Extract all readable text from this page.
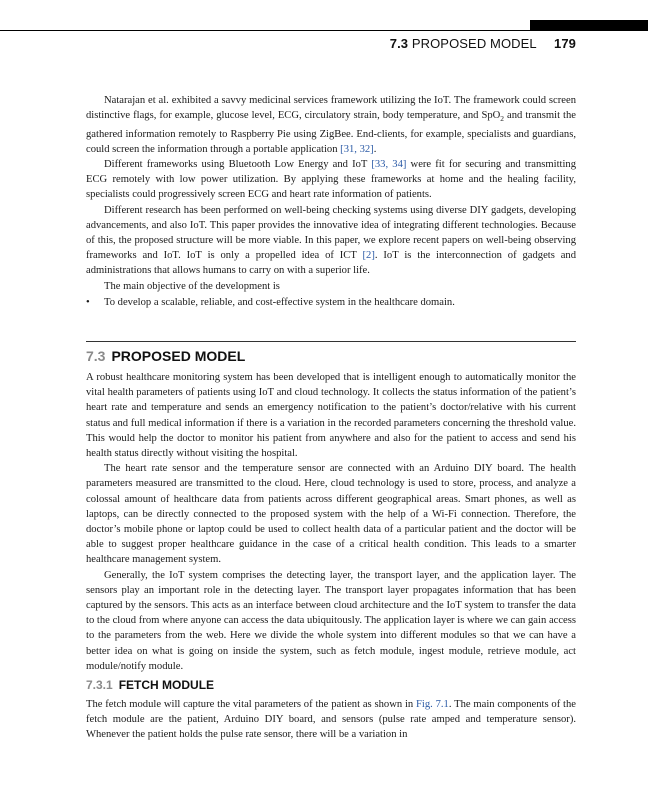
7.3 PROPOSED MODEL 179

Natarajan et al. exhibited a savvy medicinal services framework utilizing the IoT. The framework could screen distinctive flags, for example, glucose level, ECG, circulatory strain, body temperature, and SpO$_2$ and transmit the gathered information remotely to Raspberry Pie using ZigBee. End-clients, for example, specialists and guardians, could screen the information through a portable application [31, 32].

Different frameworks using Bluetooth Low Energy and IoT [33, 34] were fit for securing and transmitting ECG remotely with low power utilization. By applying these frameworks at home and the healing facility, specialists could progressively screen ECG and heart rate information of patients.

Different research has been performed on well-being checking systems using diverse DIY gadgets, developing advancements, and also IoT. This paper provides the innovative idea of integrating different technologies. Because of this, the proposed structure will be more viable. In this paper, we explore recent papers on well-being observing frameworks and IoT. IoT is only a propelled idea of ICT [2]. IoT is the interconnection of gadgets and administrations that allows humans to carry on with a superior life.

The main objective of the development is

• To develop a scalable, reliable, and cost-effective system in the healthcare domain.
7.3 PROPOSED MODEL

A robust healthcare monitoring system has been developed that is intelligent enough to automatically monitor the vital health parameters of patients using IoT and cloud technology. It collects the status information of the patient’s heart rate and temperature and sends an emergency notification to the patient’s doctor/relative with his current status and full medical information if there is a variation in the recorded parameters concerning the threshold value. This would help the doctor to monitor his patient from anywhere and also for the patient to access and send his health status directly without visiting the hospital.

The heart rate sensor and the temperature sensor are connected with an Arduino DIY board. The health parameters measured are transmitted to the cloud. Here, cloud technology is used to store, process, and analyze a colossal amount of healthcare data from patients across different geographical areas. Smart phones, as well as laptops, can be directly connected to the proposed system with the help of a Wi-Fi connection. Therefore, the doctor’s mobile phone or laptop could be used to collect health data of a particular patient and the doctor will be able to suggest proper healthcare guidance in the case of a critical health condition. This leads to a smarter healthcare management system.

Generally, the IoT system comprises the detecting layer, the transport layer, and the application layer. The sensors play an important role in the detecting layer. The transport layer propagates information that has been captured by the sensors. This acts as an interface between cloud architecture and the IoT system to transfer the data to the cloud from where anyone can access the data ubiquitously. The application layer is where we can gain access to the parameters from the web. Here we divide the whole system into different modules so that we can have a better idea on what is going on inside the system, such as fetch module, ingest module, retrieve module, act module/notify module.

7.3.1 FETCH MODULE

The fetch module will capture the vital parameters of the patient as shown in Fig. 7.1. The main components of the fetch module are the patient, Arduino DIY board, and sensors (pulse rate amped and temperature sensor). Whenever the patient holds the pulse rate sensor, there will be a variation in
